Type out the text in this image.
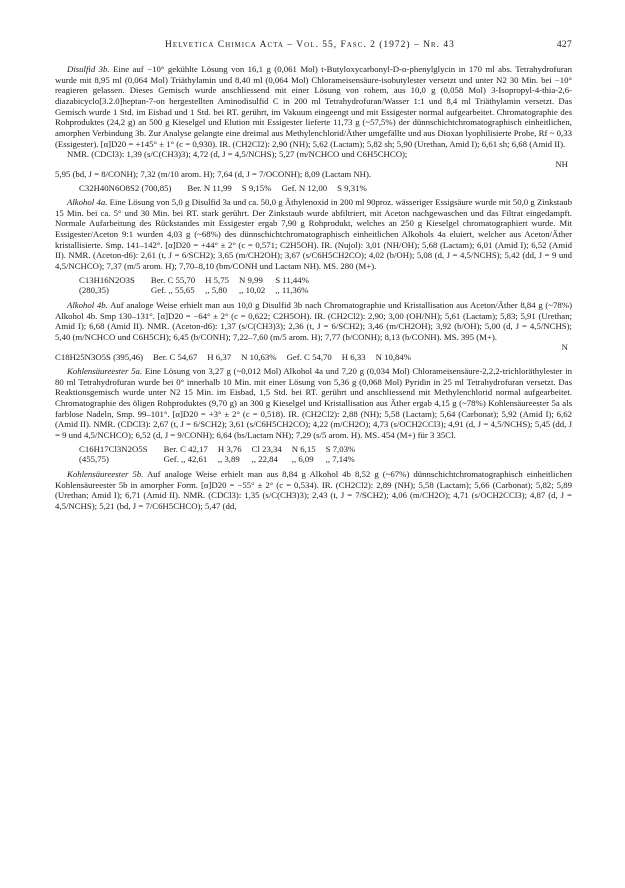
Helvetica Chimica Acta – Vol. 55, Fasc. 2 (1972) – Nr. 43	427

Disulfid 3b. Eine auf −10° gekühlte Lösung von 16,1 g (0,061 Mol) t-Butyloxycarbonyl-D-α-phenylglycin in 170 ml abs. Tetrahydrofuran wurde mit 8,95 ml (0,064 Mol) Triäthylamin und 8,40 ml (0,064 Mol) Chlorameisensäure-isobutylester versetzt und unter N2 30 Min. bei −10° reagieren gelassen. Dieses Gemisch wurde anschliessend mit einer Lösung von rohem, aus 10,0 g (0,058 Mol) 3-Isopropyl-4-thia-2,6-diazabicyclo[3.2.0]heptan-7-on hergestellten Aminodisulfid C in 200 ml Tetrahydrofuran/Wasser 1:1 und 8,4 ml Triäthylamin versetzt. Das Gemisch wurde 1 Std. im Eisbad und 1 Std. bei RT. gerührt, im Vakuum eingeengt und mit Essigester normal aufgearbeitet. Chromatographie des Rohproduktes (24,2 g) an 500 g Kieselgel und Elution mit Essigester lieferte 11,73 g (~57,5%) der dünnschichtchromatographisch einheitlichen, amorphen Verbindung 3b. Zur Analyse gelangte eine dreimal aus Methylenchlorid/Äther umgefällte und aus Dioxan lyophilisierte Probe, Rf ~ 0,33 (Essigester). [α]D20 = +145° ± 1° (c = 0,930). IR. (CH2Cl2): 2,90 (NH); 5,62 (Lactam); 5,82 sh; 5,90 (Urethan, Amid I); 6,61 sh; 6,68 (Amid II).

NMR. (CDCl3): 1,39 (s/C(CH3)3); 4,72 (d, J = 4,5/NCHS); 5,27 (m/NCHCO und C6H5CHCO);

NH

5,95 (bd, J = 8/CONH); 7,32 (m/10 arom. H); 7,64 (d, J = 7/OCONH); 8,09 (Lactam NH).

C32H40N6O8S2 (700,85)	Ber. N 11,99	S 9,15%	Gef. N 12,00	S 9,31%

Alkohol 4a. Eine Lösung von 5,0 g Disulfid 3a und ca. 50,0 g Äthylenoxid in 200 ml 90proz. wässeriger Essigsäure wurde mit 50,0 g Zinkstaub 15 Min. bei ca. 5° und 30 Min. bei RT. stark gerührt. Der Zinkstaub wurde abfiltriert, mit Aceton nachgewaschen und das Filtrat eingedampft. Normale Aufarbeitung des Rückstandes mit Essigester ergab 7,90 g Rohprodukt, welches an 250 g Kieselgel chromatographiert wurde. Mit Essigester/Aceton 9:1 wurden 4,03 g (~68%) des dünnschichtchromatographisch einheitlichen Alkohols 4a eluiert, welcher aus Aceton/Äther kristallisierte. Smp. 141–142°. [α]D20 = +44° ± 2° (c = 0,571; C2H5OH). IR. (Nujol): 3,01 (NH/OH); 5,68 (Lactam); 6,01 (Amid I); 6,52 (Amid II). NMR. (Aceton-d6): 2,61 (t, J = 6/SCH2); 3,65 (m/CH2OH); 3,67 (s/C6H5CH2CO); 4,02 (b/OH); 5,08 (d, J = 4,5/NCHS); 5,42 (dd, J = 9 und 4,5/NCHCO); 7,37 (m/5 arom. H); 7,70–8,10 (bm/CONH und Lactam NH). MS. 280 (M+).

C13H16N2O3S	Ber. C 55,70	H 5,75	N 9,99	S 11,44%
(280,35)	Gef. ,, 55,65	,, 5,80	,, 10,02	,, 11,36%

Alkohol 4b. Auf analoge Weise erhielt man aus 10,0 g Disulfid 3b nach Chromatographie und Kristallisation aus Aceton/Äther 8,84 g (~78%) Alkohol 4b. Smp 130–131°. [α]D20 = −64° ± 2° (c = 0,622; C2H5OH). IR. (CH2Cl2): 2,90; 3,00 (OH/NH); 5,61 (Lactam); 5,83; 5,91 (Urethan; Amid I); 6,68 (Amid II). NMR. (Aceton-d6): 1,37 (s/C(CH3)3); 2,36 (t, J = 6/SCH2); 3,46 (m/CH2OH); 3,92 (b/OH); 5,00 (d, J = 4,5/NCHS); 5,40 (m/NCHCO und C6H5CH); 6,45 (b/CONH); 7,22–7,60 (m/5 arom. H); 7,77 (b/CONH); 8,13 (b/CONH). MS. 395 (M+).

N
C18H25N3O5S (395,46)	Ber. C 54,67	H 6,37	N 10,63%	Gef. C 54,70	H 6,33	N 10,84%

Kohlensäureester 5a. Eine Lösung von 3,27 g (~0,012 Mol) Alkohol 4a und 7,20 g (0,034 Mol) Chlorameisensäure-2,2,2-trichloräthylester in 80 ml Tetrahydrofuran wurde bei 0° innerhalb 10 Min. mit einer Lösung von 5,36 g (0,068 Mol) Pyridin in 25 ml Tetrahydrofuran versetzt. Das Reaktionsgemisch wurde unter N2 15 Min. im Eisbad, 1,5 Std. bei RT. gerührt und anschliessend mit Methylenchlorid normal aufgearbeitet. Chromatographie des öligen Rohproduktes (9,70 g) an 300 g Kieselgel und Kristallisation aus Äther ergab 4,15 g (~78%) Kohlensäureester 5a als farblose Nadeln, Smp. 99–101°. [α]D20 = +3° ± 2° (c = 0,518). IR. (CH2Cl2): 2,88 (NH); 5,58 (Lactam); 5,64 (Carbonat); 5,92 (Amid I); 6,62 (Amid II). NMR. (CDCl3): 2,67 (t, J = 6/SCH2); 3,61 (s/C6H5CH2CO); 4,22 (m/CH2O); 4,73 (s/OCH2CCl3); 4,91 (d, J = 4,5/NCHS); 5,45 (dd, J = 9 und 4,5/NCHCO); 6,52 (d, J = 9/CONH); 6,64 (bs/Lactam NH); 7,29 (s/5 arom. H). MS. 454 (M+) für 3 35Cl.

C16H17Cl3N2O5S	Ber. C 42,17	H 3,76	Cl 23,34	N 6,15	S 7,03%
(455,75)	Gef. ,, 42,61	,, 3,89	,, 22,84	,, 6,09	,, 7,14%

Kohlensäureester 5b. Auf analoge Weise erhielt man aus 8,84 g Alkohol 4b 8,52 g (~67%) dünnschichtchromatographisch einheitlichen Kohlensäureester 5b in amorpher Form. [α]D20 = −55° ± 2° (c = 0,534). IR. (CH2Cl2): 2,89 (NH); 5,58 (Lactam); 5,66 (Carbonat); 5,82; 5,89 (Urethan; Amid I); 6,71 (Amid II). NMR. (CDCl3): 1,35 (s/C(CH3)3); 2,43 (t, J = 7/SCH2); 4,06 (m/CH2O); 4,71 (s/OCH2CCl3); 4,87 (d, J = 4,5/NCHS); 5,21 (bd, J = 7/C6H5CHCO); 5,47 (dd,
